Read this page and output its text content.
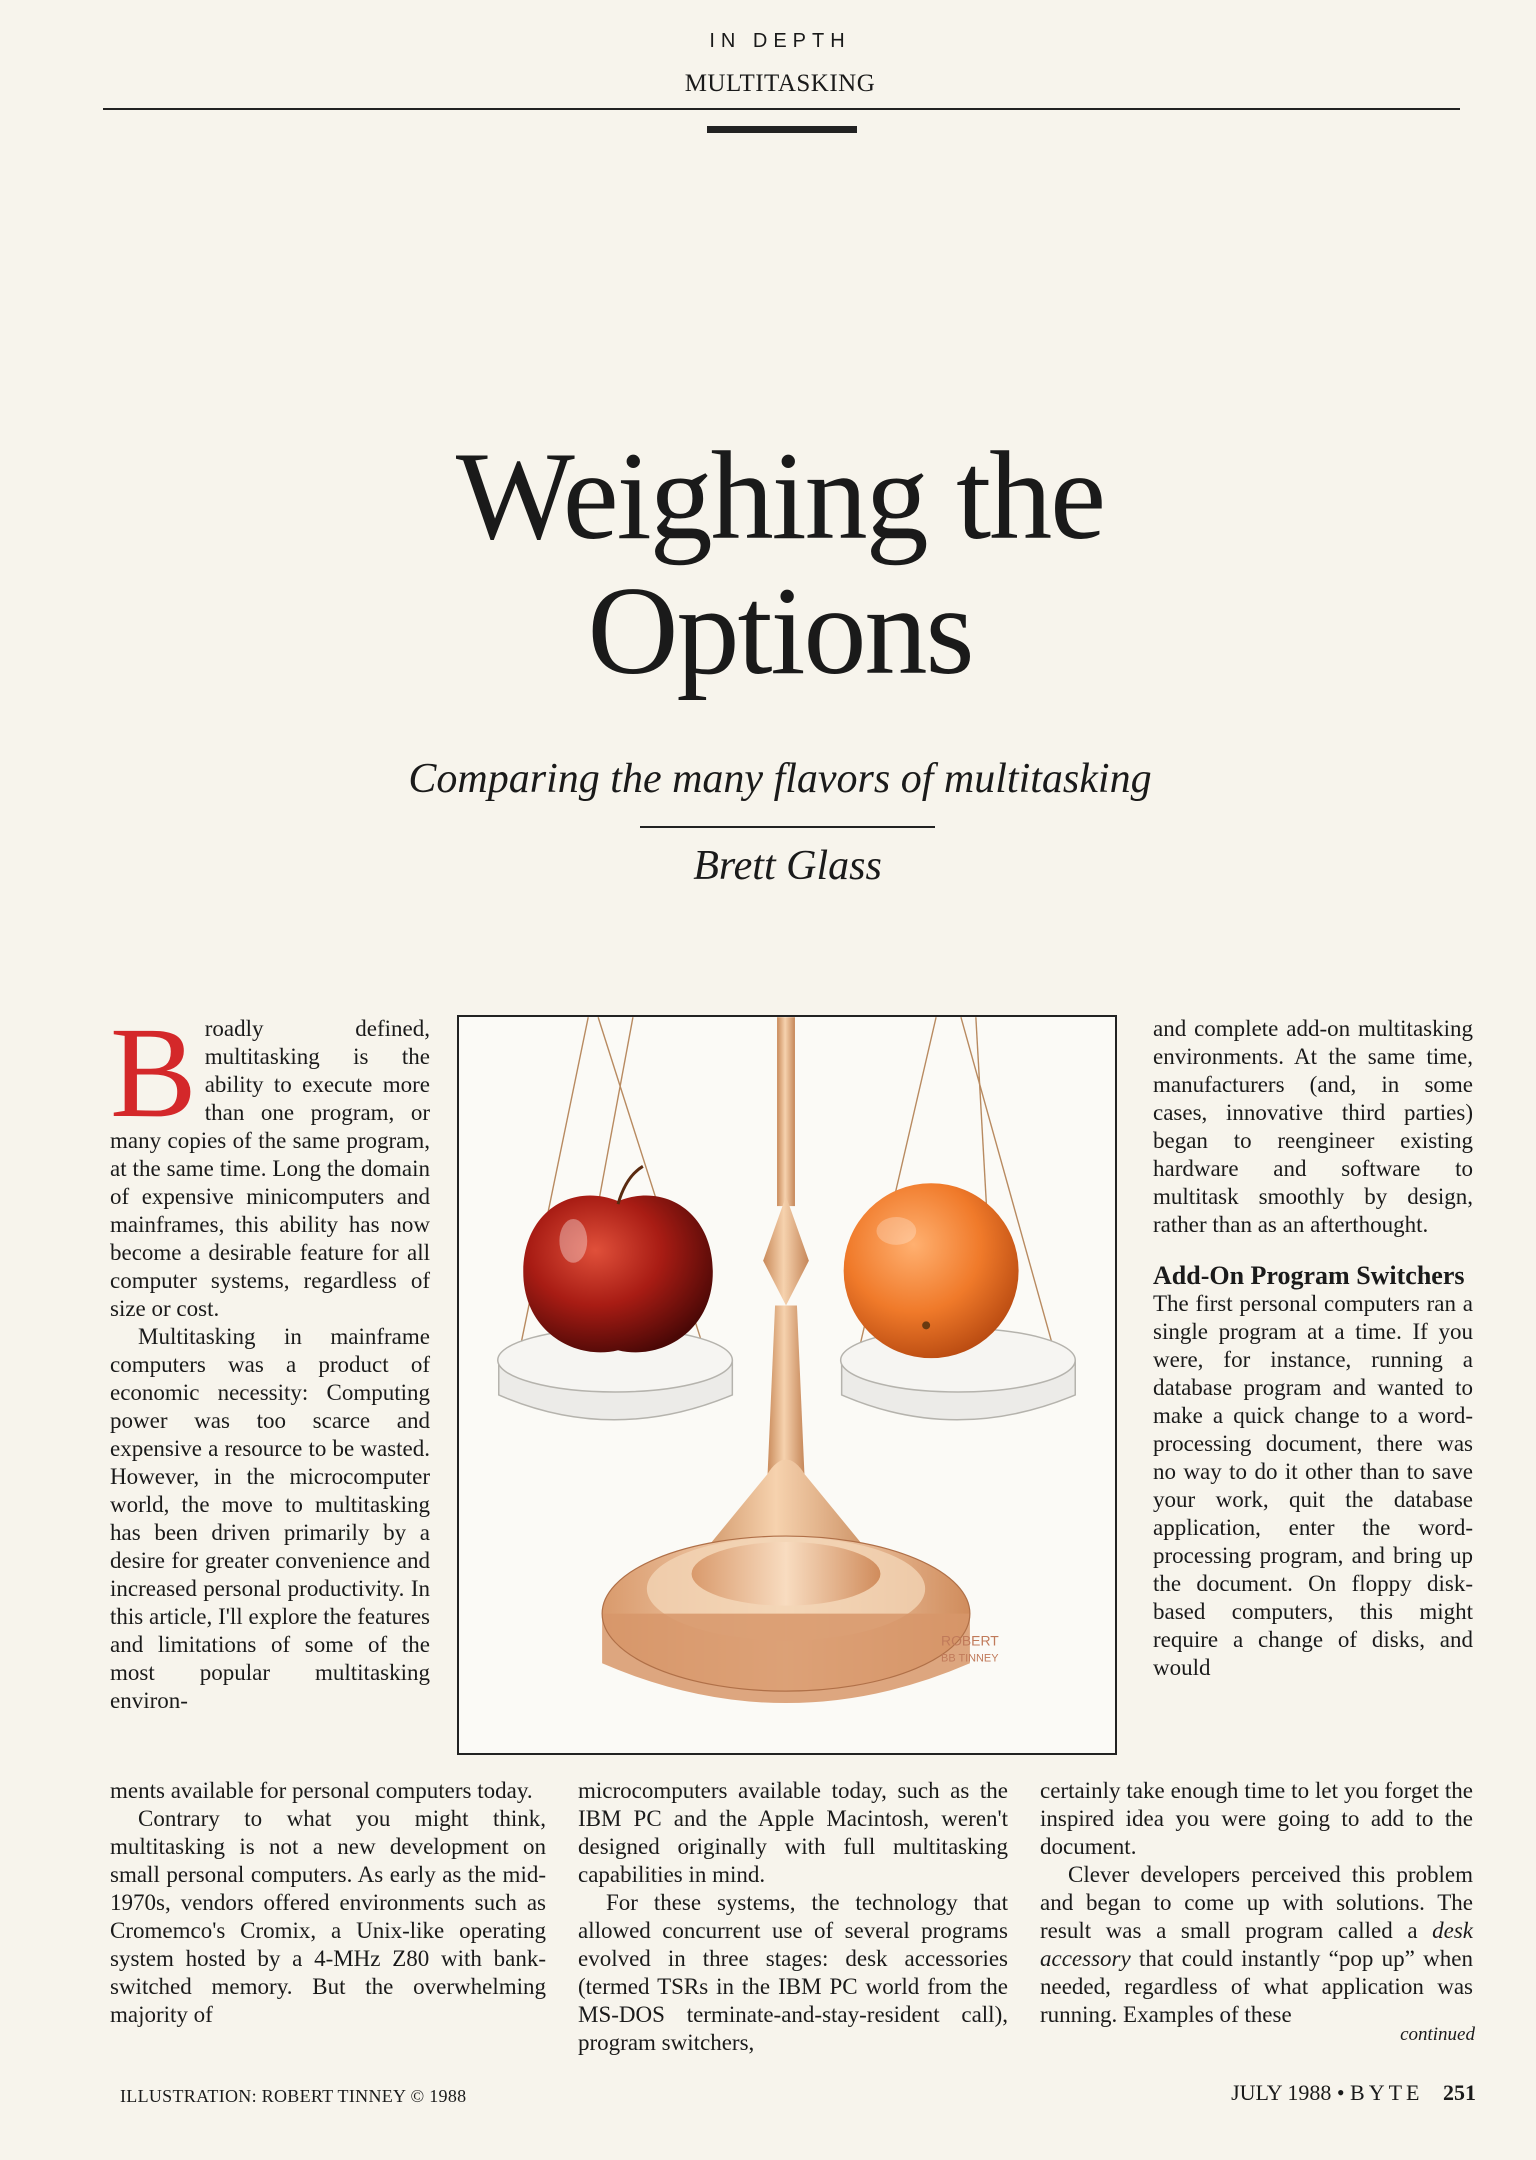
IN DEPTH
MULTITASKING
Weighing the
Options
Comparing the many flavors of multitasking
Brett Glass
B roadly defined, multitasking is the ability to execute more than one program, or many copies of the same program, at the same time. Long the domain of expensive minicomputers and mainframes, this ability has now become a desirable feature for all computer systems, regardless of size or cost.

Multitasking in mainframe computers was a product of economic necessity: Computing power was too scarce and expensive a resource to be wasted. However, in the microcomputer world, the move to multitasking has been driven primarily by a desire for greater convenience and increased personal productivity. In this article, I'll explore the features and limitations of some of the most popular multitasking environ-

ROBERT
BB TINNEY

ments available for personal computers today.

Contrary to what you might think, multitasking is not a new development on small personal computers. As early as the mid-1970s, vendors offered environments such as Cromemco's Cromix, a Unix-like operating system hosted by a 4-MHz Z80 with bank-switched memory. But the overwhelming majority of

microcomputers available today, such as the IBM PC and the Apple Macintosh, weren't designed originally with full multitasking capabilities in mind.

For these systems, the technology that allowed concurrent use of several programs evolved in three stages: desk accessories (termed TSRs in the IBM PC world from the MS-DOS terminate-and-stay-resident call), program switchers,

and complete add-on multitasking environments. At the same time, manufacturers (and, in some cases, innovative third parties) began to reengineer existing hardware and software to multitask smoothly by design, rather than as an afterthought.

Add-On Program Switchers

The first personal computers ran a single program at a time. If you were, for instance, running a database program and wanted to make a quick change to a word-processing document, there was no way to do it other than to save your work, quit the database application, enter the word-processing program, and bring up the document. On floppy disk-based computers, this might require a change of disks, and would

certainly take enough time to let you forget the inspired idea you were going to add to the document.

Clever developers perceived this problem and began to come up with solutions. The result was a small program called a desk accessory that could instantly “pop up” when needed, regardless of what application was running. Examples of these

continued
ILLUSTRATION: ROBERT TINNEY © 1988	JULY 1988 • BYTE 251
